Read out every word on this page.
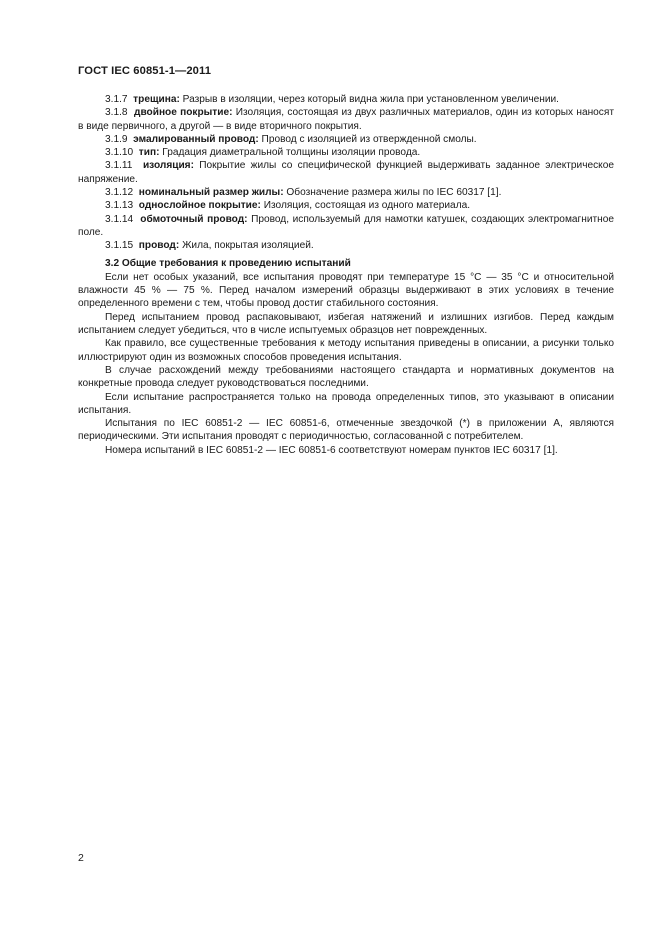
ГОСТ IEC 60851-1—2011

3.1.7 трещина: Разрыв в изоляции, через который видна жила при установленном увеличении.

3.1.8 двойное покрытие: Изоляция, состоящая из двух различных материалов, один из которых наносят в виде первичного, а другой — в виде вторичного покрытия.

3.1.9 эмалированный провод: Провод с изоляцией из отвержденной смолы.

3.1.10 тип: Градация диаметральной толщины изоляции провода.

3.1.11 изоляция: Покрытие жилы со специфической функцией выдерживать заданное электрическое напряжение.

3.1.12 номинальный размер жилы: Обозначение размера жилы по IEC 60317 [1].

3.1.13 однослойное покрытие: Изоляция, состоящая из одного материала.

3.1.14 обмоточный провод: Провод, используемый для намотки катушек, создающих электромагнитное поле.

3.1.15 провод: Жила, покрытая изоляцией.

3.2 Общие требования к проведению испытаний

Если нет особых указаний, все испытания проводят при температуре 15 °С — 35 °С и относительной влажности 45 % — 75 %. Перед началом измерений образцы выдерживают в этих условиях в течение определенного времени с тем, чтобы провод достиг стабильного состояния.

Перед испытанием провод распаковывают, избегая натяжений и излишних изгибов. Перед каждым испытанием следует убедиться, что в числе испытуемых образцов нет поврежденных.

Как правило, все существенные требования к методу испытания приведены в описании, а рисунки только иллюстрируют один из возможных способов проведения испытания.

В случае расхождений между требованиями настоящего стандарта и нормативных документов на конкретные провода следует руководствоваться последними.

Если испытание распространяется только на провода определенных типов, это указывают в описании испытания.

Испытания по IEC 60851-2 — IEC 60851-6, отмеченные звездочкой (*) в приложении А, являются периодическими. Эти испытания проводят с периодичностью, согласованной с потребителем.

Номера испытаний в IEC 60851-2 — IEC 60851-6 соответствуют номерам пунктов IEC 60317 [1].

2
